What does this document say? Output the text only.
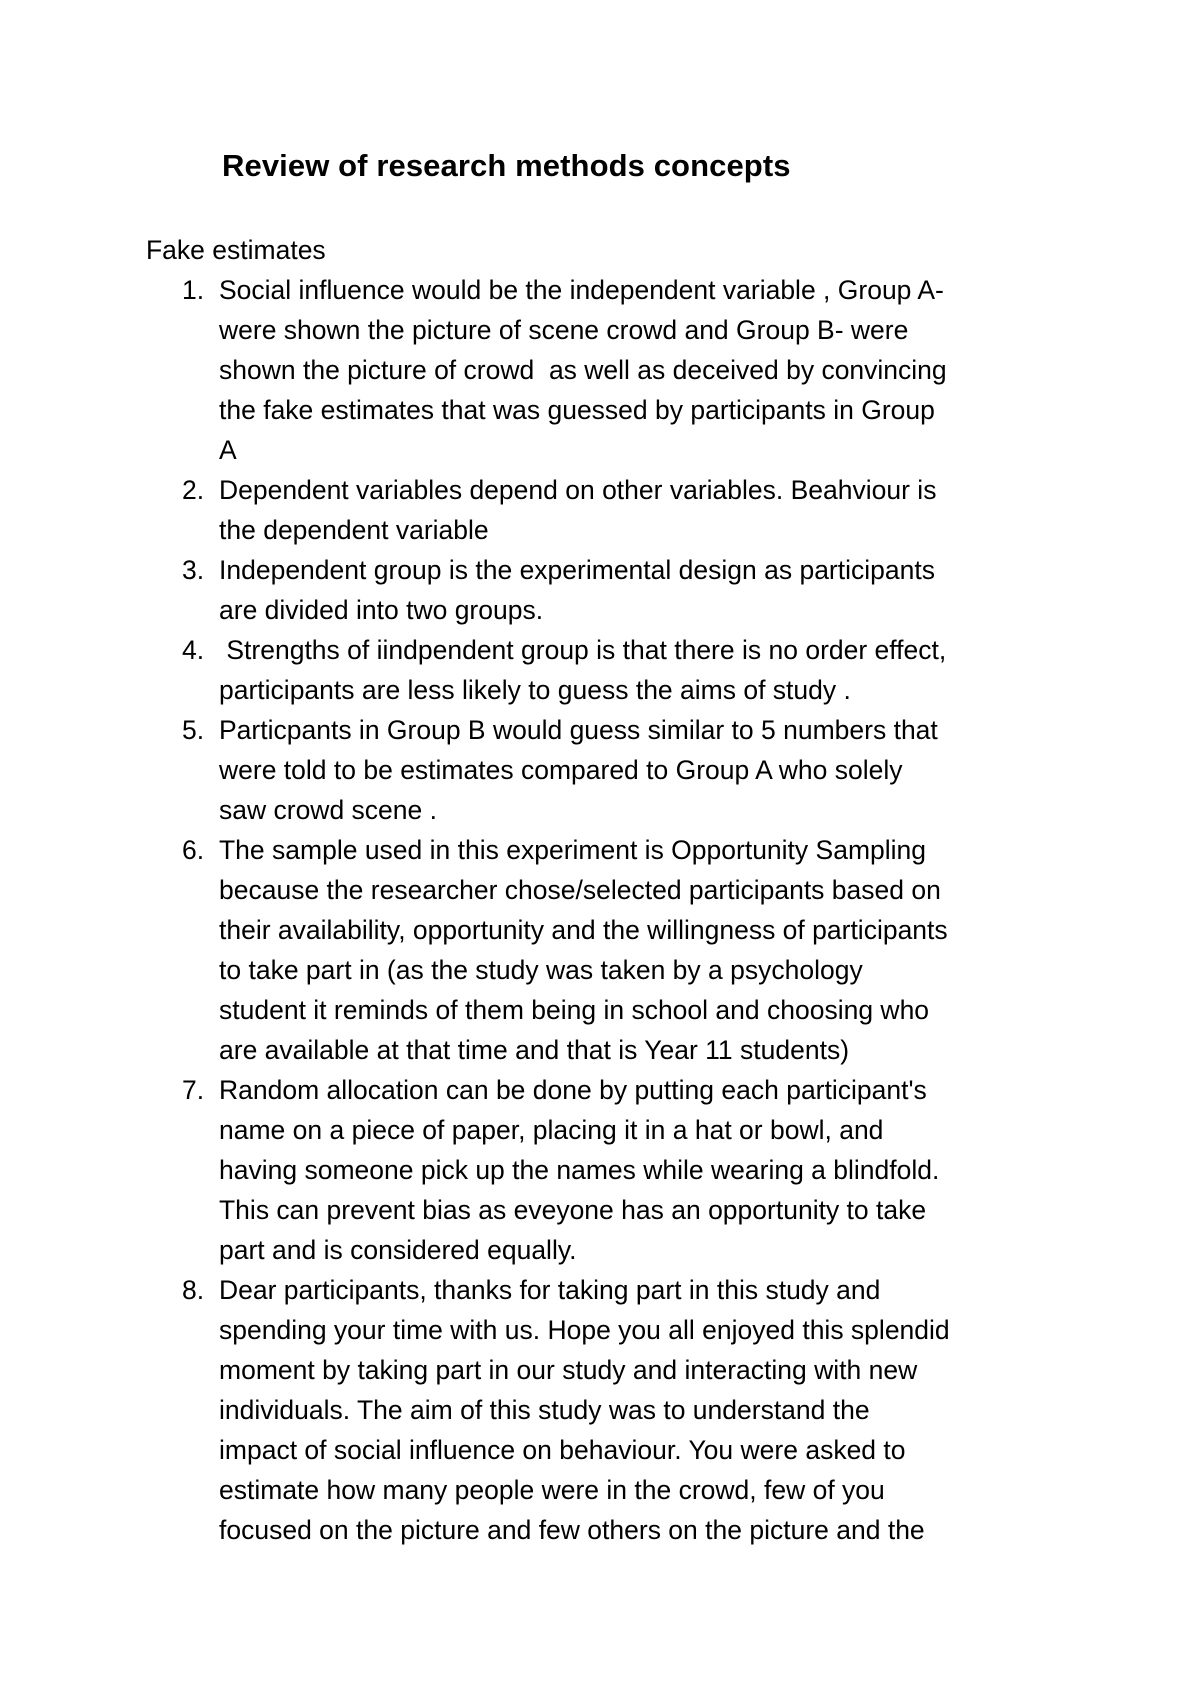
Review of research methods concepts
Fake estimates
1. Social influence would be the independent variable , Group A-
were shown the picture of scene crowd and Group B- were
shown the picture of crowd  as well as deceived by convincing
the fake estimates that was guessed by participants in Group
A
2. Dependent variables depend on other variables. Beahviour is
the dependent variable
3. Independent group is the experimental design as participants
are divided into two groups.
4. Strengths of iindpendent group is that there is no order effect,
participants are less likely to guess the aims of study .
5. Particpants in Group B would guess similar to 5 numbers that
were told to be estimates compared to Group A who solely
saw crowd scene .
6. The sample used in this experiment is Opportunity Sampling
because the researcher chose/selected participants based on
their availability, opportunity and the willingness of participants
to take part in (as the study was taken by a psychology
student it reminds of them being in school and choosing who
are available at that time and that is Year 11 students)
7. Random allocation can be done by putting each participant's
name on a piece of paper, placing it in a hat or bowl, and
having someone pick up the names while wearing a blindfold.
This can prevent bias as eveyone has an opportunity to take
part and is considered equally.
8. Dear participants, thanks for taking part in this study and
spending your time with us. Hope you all enjoyed this splendid
moment by taking part in our study and interacting with new
individuals. The aim of this study was to understand the
impact of social influence on behaviour. You were asked to
estimate how many people were in the crowd, few of you
focused on the picture and few others on the picture and the
